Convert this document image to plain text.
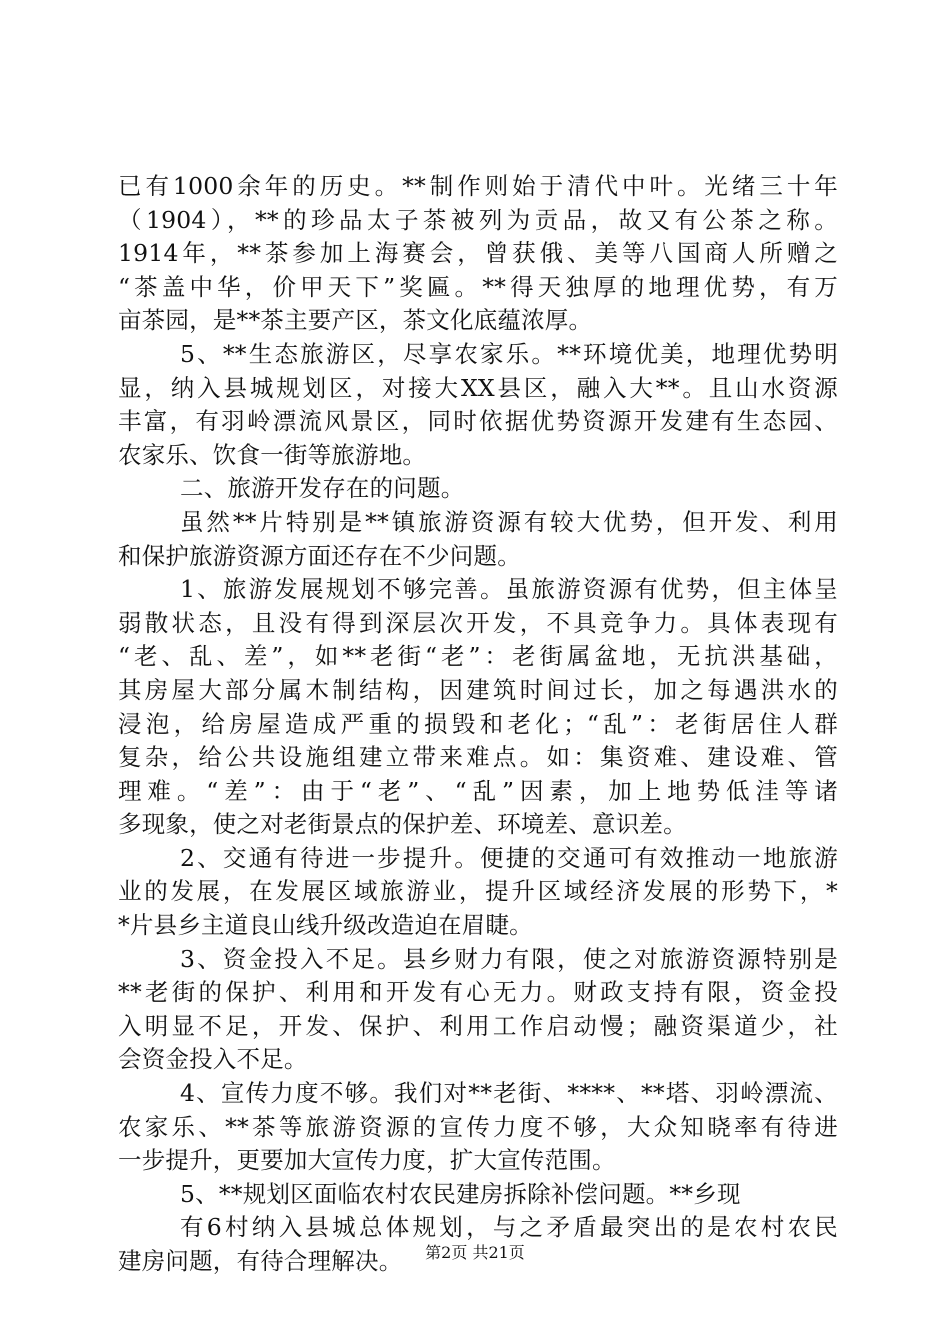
已有1000余年的历史。**制作则始于清代中叶。光绪三十年
（1904），**的珍品太子茶被列为贡品，故又有公茶之称。
1914年，**茶参加上海赛会，曾获俄、美等八国商人所赠之
“茶盖中华，价甲天下”奖匾。**得天独厚的地理优势，有万
亩茶园，是**茶主要产区，茶文化底蕴浓厚。
5、**生态旅游区，尽享农家乐。**环境优美，地理优势明
显，纳入县城规划区，对接大XX县区，融入大**。且山水资源
丰富，有羽岭漂流风景区，同时依据优势资源开发建有生态园、
农家乐、饮食一街等旅游地。
二、旅游开发存在的问题。
虽然**片特别是**镇旅游资源有较大优势，但开发、利用
和保护旅游资源方面还存在不少问题。
1、旅游发展规划不够完善。虽旅游资源有优势，但主体呈
弱散状态，且没有得到深层次开发，不具竞争力。具体表现有
“老、乱、差”，如**老街“老”：老街属盆地，无抗洪基础，
其房屋大部分属木制结构，因建筑时间过长，加之每遇洪水的
浸泡，给房屋造成严重的损毁和老化；“乱”：老街居住人群
复杂，给公共设施组建立带来难点。如：集资难、建设难、管
理难。“差”：由于“老”、“乱”因素，加上地势低洼等诸
多现象，使之对老街景点的保护差、环境差、意识差。
2、交通有待进一步提升。便捷的交通可有效推动一地旅游
业的发展，在发展区域旅游业，提升区域经济发展的形势下，*
*片县乡主道良山线升级改造迫在眉睫。
3、资金投入不足。县乡财力有限，使之对旅游资源特别是
**老街的保护、利用和开发有心无力。财政支持有限，资金投
入明显不足，开发、保护、利用工作启动慢；融资渠道少，社
会资金投入不足。
4、宣传力度不够。我们对**老街、****、**塔、羽岭漂流、
农家乐、**茶等旅游资源的宣传力度不够，大众知晓率有待进
一步提升，更要加大宣传力度，扩大宣传范围。
5、**规划区面临农村农民建房拆除补偿问题。**乡现
有6村纳入县城总体规划，与之矛盾最突出的是农村农民
建房问题，有待合理解决。	第2页 共21页
